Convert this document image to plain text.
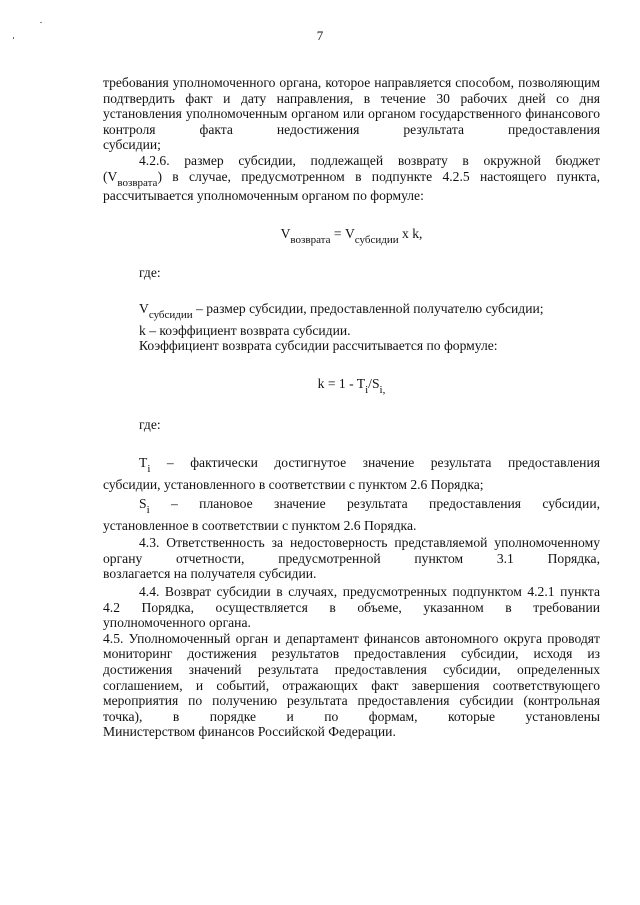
7

требования уполномоченного органа, которое направляется способом, позволяющим подтвердить факт и дату направления, в течение 30 рабочих дней со дня установления уполномоченным органом или органом государственного финансового контроля факта недостижения результата предоставления

субсидии;

4.2.6. размер субсидии, подлежащей возврату в окружной бюджет

$(V_{возврата})$ в случае, предусмотренном в подпункте 4.2.5 настоящего пункта,

рассчитывается уполномоченным органом по формуле:

$V_{возврата} = V_{субсидии}$ x k,

где:

$V_{субсидии}$ – размер субсидии, предоставленной получателю субсидии;

k – коэффициент возврата субсидии.

Коэффициент возврата субсидии рассчитывается по формуле:

$k = 1 - T_i/S_{i,}$

где:

$T_i$ – фактически достигнутое значение результата предоставления

субсидии, установленного в соответствии с пунктом 2.6 Порядка;

$S_i$ – плановое значение результата предоставления субсидии,

установленное в соответствии с пунктом 2.6 Порядка.

4.3. Ответственность за недостоверность представляемой уполномоченному органу отчетности, предусмотренной пунктом 3.1 Порядка,

возлагается на получателя субсидии.

4.4. Возврат субсидии в случаях, предусмотренных подпунктом 4.2.1 пункта 4.2 Порядка, осуществляется в объеме, указанном в требовании

уполномоченного органа.

4.5. Уполномоченный орган и департамент финансов автономного округа проводят мониторинг достижения результатов предоставления субсидии, исходя из достижения значений результата предоставления субсидии, определенных соглашением, и событий, отражающих факт завершения соответствующего мероприятия по получению результата предоставления субсидии (контрольная точка), в порядке и по формам, которые установлены

Министерством финансов Российской Федерации.
